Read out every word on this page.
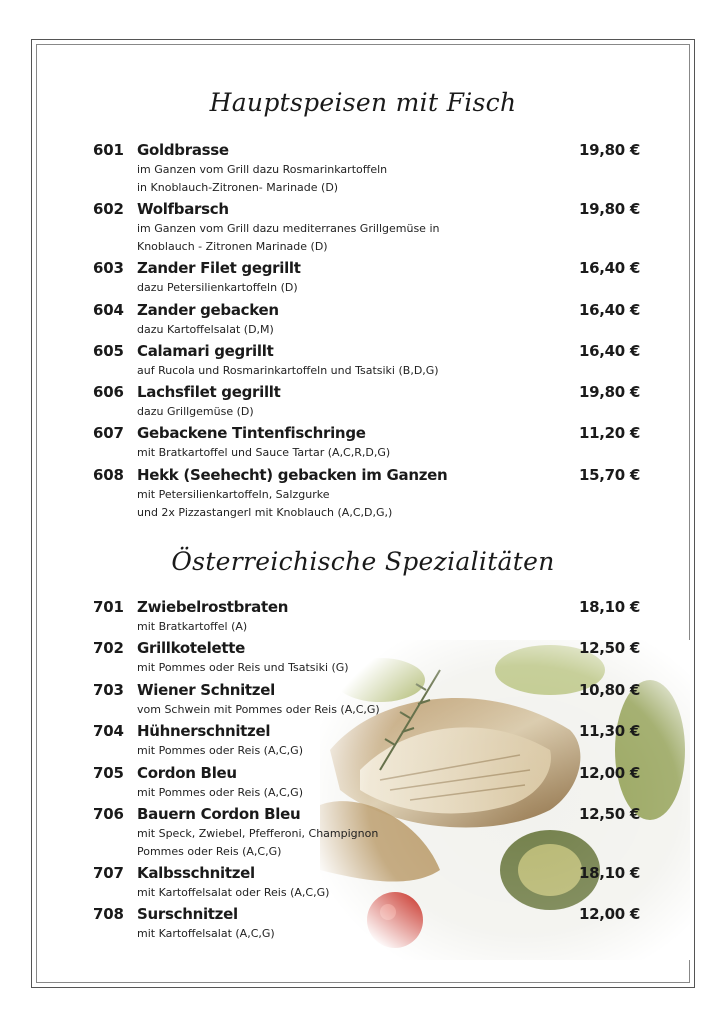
Hauptspeisen mit Fisch
601 Goldbrasse	19,80 €
im Ganzen vom Grill dazu Rosmarinkartoffeln
in Knoblauch-Zitronen- Marinade (D)
602 Wolfbarsch	19,80 €
im Ganzen vom Grill dazu mediterranes Grillgemüse in
Knoblauch - Zitronen Marinade (D)
603 Zander Filet gegrillt	16,40 €
dazu Petersilienkartoffeln (D)
604 Zander gebacken	16,40 €
dazu Kartoffelsalat (D,M)
605 Calamari gegrillt	16,40 €
auf Rucola und Rosmarinkartoffeln und Tsatsiki (B,D,G)
606 Lachsfilet gegrillt	19,80 €
dazu Grillgemüse (D)
607 Gebackene Tintenfischringe	11,20 €
mit Bratkartoffel und Sauce Tartar (A,C,R,D,G)
608 Hekk (Seehecht) gebacken im Ganzen	15,70 €
mit Petersilienkartoffeln, Salzgurke
und 2x Pizzastangerl mit Knoblauch (A,C,D,G,)
Österreichische Spezialitäten
701 Zwiebelrostbraten	18,10 €
mit Bratkartoffel (A)
702 Grillkotelette	12,50 €
mit Pommes oder Reis und Tsatsiki (G)
703 Wiener Schnitzel	10,80 €
vom Schwein mit Pommes oder Reis (A,C,G)
704 Hühnerschnitzel	11,30 €
mit Pommes oder Reis (A,C,G)
705 Cordon Bleu	12,00 €
mit Pommes oder Reis (A,C,G)
706 Bauern Cordon Bleu	12,50 €
mit Speck, Zwiebel, Pfefferoni, Champignon
Pommes oder Reis (A,C,G)
707 Kalbsschnitzel	18,10 €
mit Kartoffelsalat oder Reis (A,C,G)
708 Surschnitzel	12,00 €
mit Kartoffelsalat (A,C,G)
